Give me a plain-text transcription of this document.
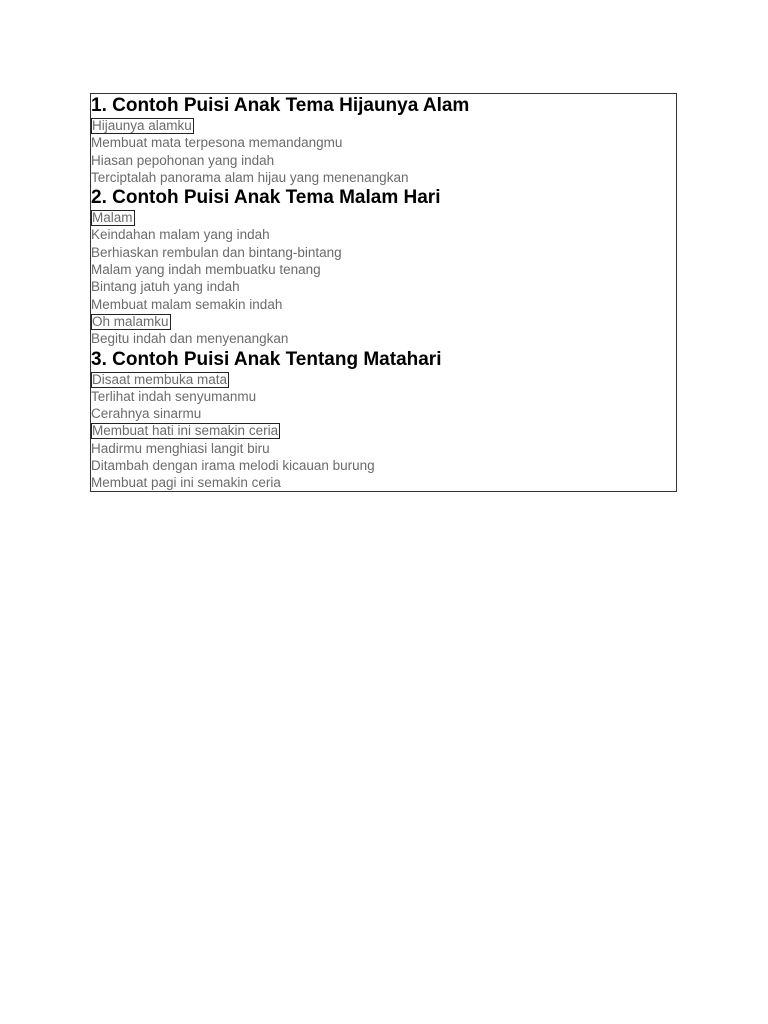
1. Contoh Puisi Anak Tema Hijaunya Alam
Hijaunya alamku
Membuat mata terpesona memandangmu
Hiasan pepohonan yang indah
Terciptalah panorama alam hijau yang menenangkan
2. Contoh Puisi Anak Tema Malam Hari
Malam
Keindahan malam yang indah
Berhiaskan rembulan dan bintang-bintang
Malam yang indah membuatku tenang
Bintang jatuh yang indah
Membuat malam semakin indah
Oh malamku
Begitu indah dan menyenangkan
3. Contoh Puisi Anak Tentang Matahari
Disaat membuka mata
Terlihat indah senyumanmu
Cerahnya sinarmu
Membuat hati ini semakin ceria
Hadirmu menghiasi langit biru
Ditambah dengan irama melodi kicauan burung
Membuat pagi ini semakin ceria
